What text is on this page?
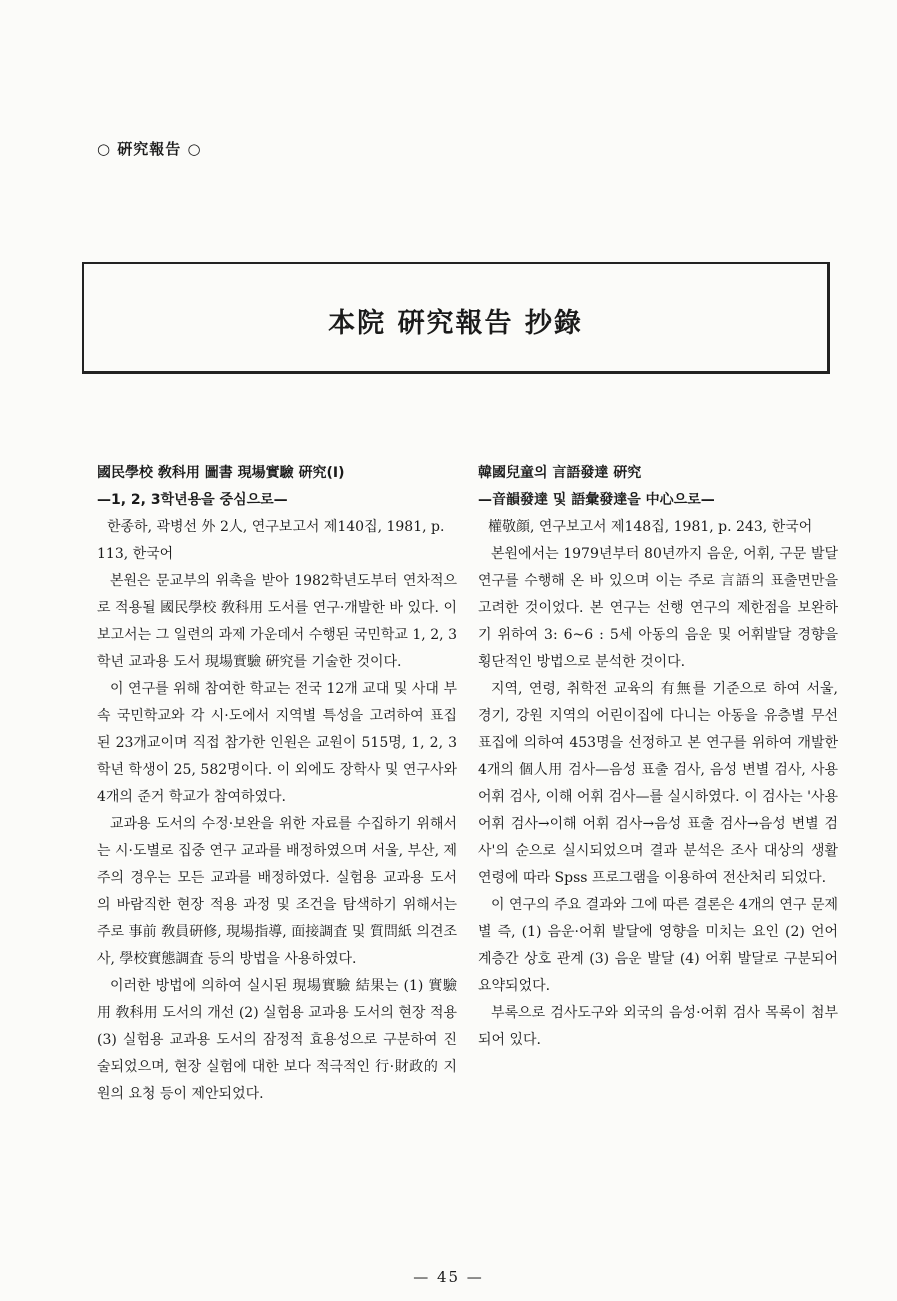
○ 硏究報告 ○
本院 硏究報告 抄錄
國民學校 敎科用 圖書 現場實驗 硏究(Ⅰ)
—1, 2, 3학년용을 중심으로—

한종하, 곽병선 外 2人, 연구보고서 제140집, 1981, p. 113, 한국어

본원은 문교부의 위촉을 받아 1982학년도부터 연차적으로 적용될 國民學校 敎科用 도서를 연구·개발한 바 있다. 이 보고서는 그 일련의 과제 가운데서 수행된 국민학교 1, 2, 3학년 교과용 도서 現場實驗 硏究를 기술한 것이다.

이 연구를 위해 참여한 학교는 전국 12개 교대 및 사대 부속 국민학교와 각 시·도에서 지역별 특성을 고려하여 표집된 23개교이며 직접 참가한 인원은 교원이 515명, 1, 2, 3학년 학생이 25, 582명이다. 이 외에도 장학사 및 연구사와 4개의 준거 학교가 참여하였다.

교과용 도서의 수정·보완을 위한 자료를 수집하기 위해서는 시·도별로 집중 연구 교과를 배정하였으며 서울, 부산, 제주의 경우는 모든 교과를 배정하였다. 실험용 교과용 도서의 바람직한 현장 적용 과정 및 조건을 탐색하기 위해서는 주로 事前 敎員硏修, 現場指導, 面接調査 및 質問紙 의견조사, 學校實態調査 등의 방법을 사용하였다.

이러한 방법에 의하여 실시된 現場實驗 結果는 (1) 實驗用 敎科用 도서의 개선 (2) 실험용 교과용 도서의 현장 적용 (3) 실험용 교과용 도서의 잠정적 효용성으로 구분하여 진술되었으며, 현장 실험에 대한 보다 적극적인 行·財政的 지원의 요청 등이 제안되었다.

韓國兒童의 言語發達 硏究
—音韻發達 및 語彙發達을 中心으로—

權敬顔, 연구보고서 제148집, 1981, p. 243, 한국어

본원에서는 1979년부터 80년까지 음운, 어휘, 구문 발달 연구를 수행해 온 바 있으며 이는 주로 言語의 표출면만을 고려한 것이었다. 본 연구는 선행 연구의 제한점을 보완하기 위하여 3: 6~6 : 5세 아동의 음운 및 어휘발달 경향을 횡단적인 방법으로 분석한 것이다.

지역, 연령, 취학전 교육의 有無를 기준으로 하여 서울, 경기, 강원 지역의 어린이집에 다니는 아동을 유층별 무선 표집에 의하여 453명을 선정하고 본 연구를 위하여 개발한 4개의 個人用 검사—음성 표출 검사, 음성 변별 검사, 사용 어휘 검사, 이해 어휘 검사—를 실시하였다. 이 검사는 '사용 어휘 검사→이해 어휘 검사→음성 표출 검사→음성 변별 검사'의 순으로 실시되었으며 결과 분석은 조사 대상의 생활 연령에 따라 Spss 프로그램을 이용하여 전산처리 되었다.

이 연구의 주요 결과와 그에 따른 결론은 4개의 연구 문제별 즉, (1) 음운·어휘 발달에 영향을 미치는 요인 (2) 언어 계층간 상호 관계 (3) 음운 발달 (4) 어휘 발달로 구분되어 요약되었다.

부록으로 검사도구와 외국의 음성·어휘 검사 목록이 첨부되어 있다.

— 45 —
